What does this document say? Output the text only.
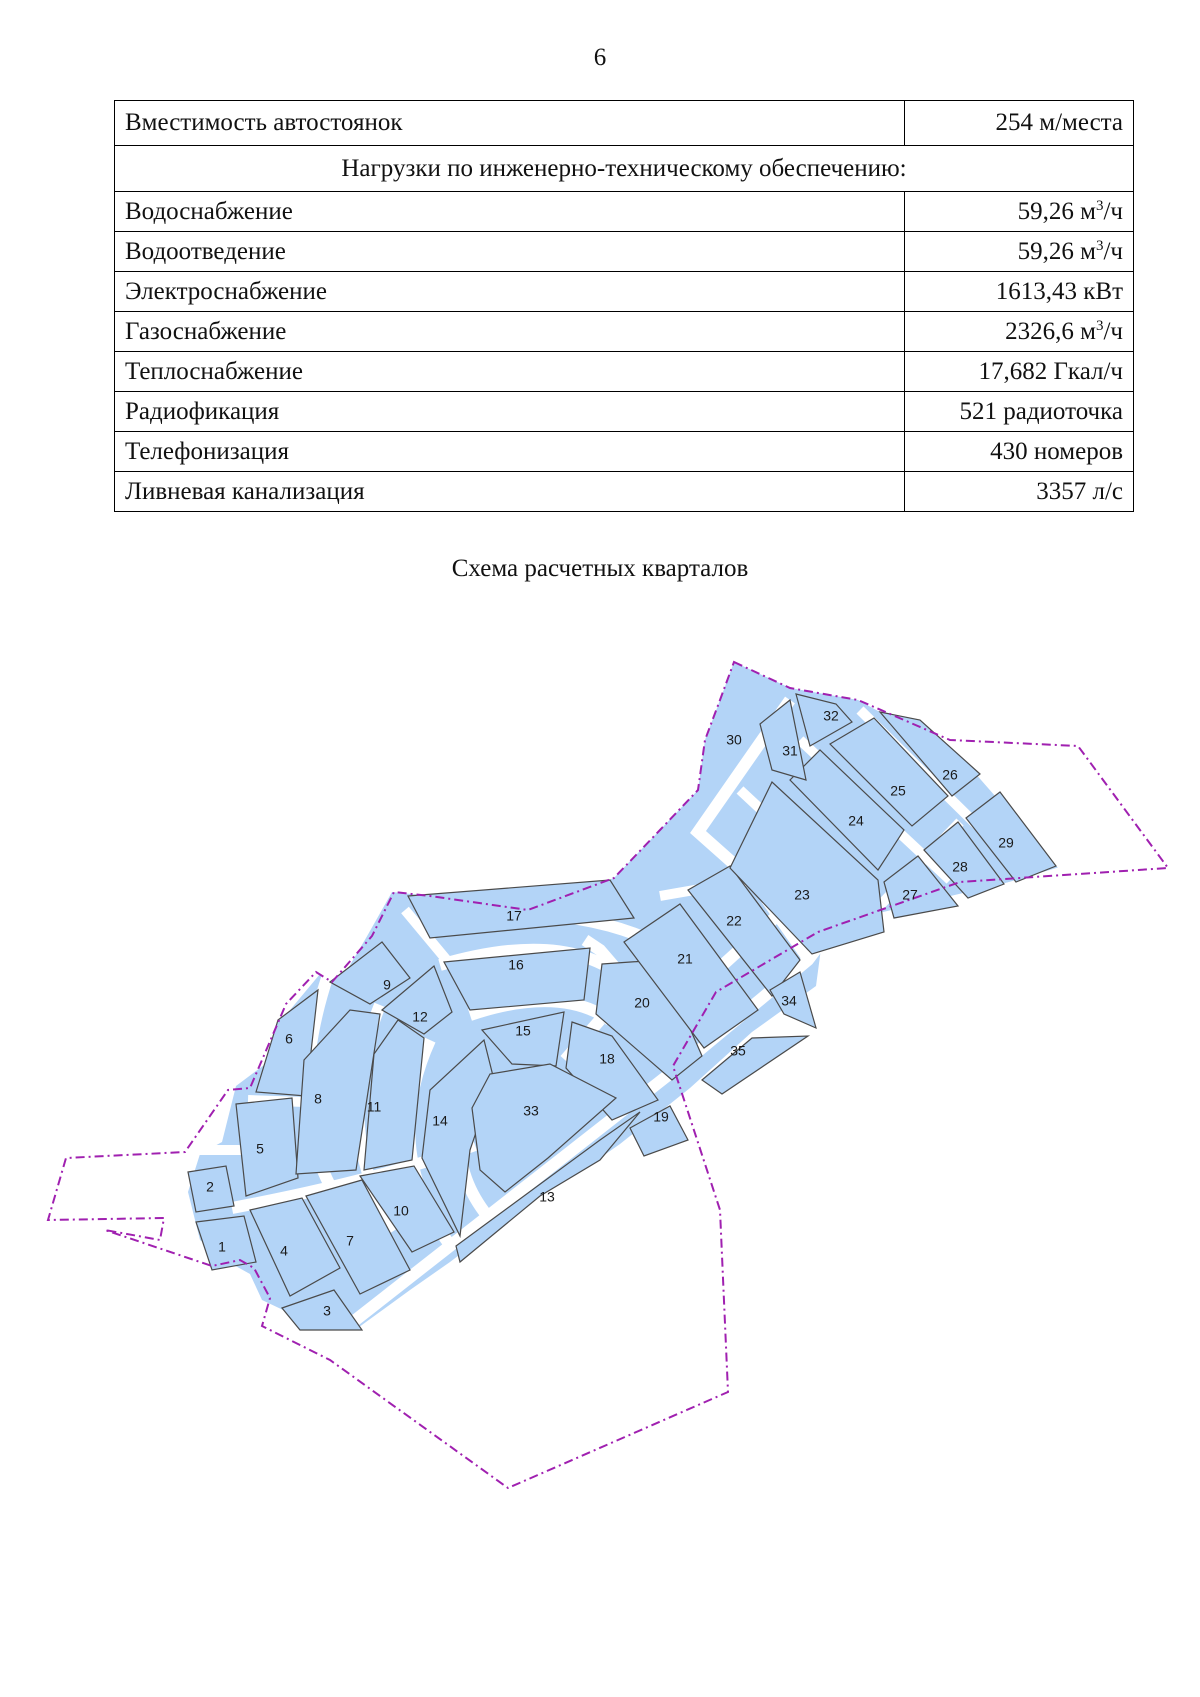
6
Вместимость автостоянок	254 м/места
Нагрузки по инженерно-техническому обеспечению:	
Водоснабжение	59,26 $м^3/ч$
Водоотведение	59,26 $м^3/ч$
Электроснабжение	1613,43 кВт
Газоснабжение	2326,6 $м^3/ч$
Теплоснабжение	17,682 Гкал/ч
Радиофикация	521 радиоточка
Телефонизация	430 номеров
Ливневая канализация	3357 л/с
Схема расчетных кварталов
1
2
3
4
5
6
7
8
9
10
11
12
13
14
15
16
17
18
19
20
21
22
23
24
25
26
27
28
29
30
31
32
33
34
35
